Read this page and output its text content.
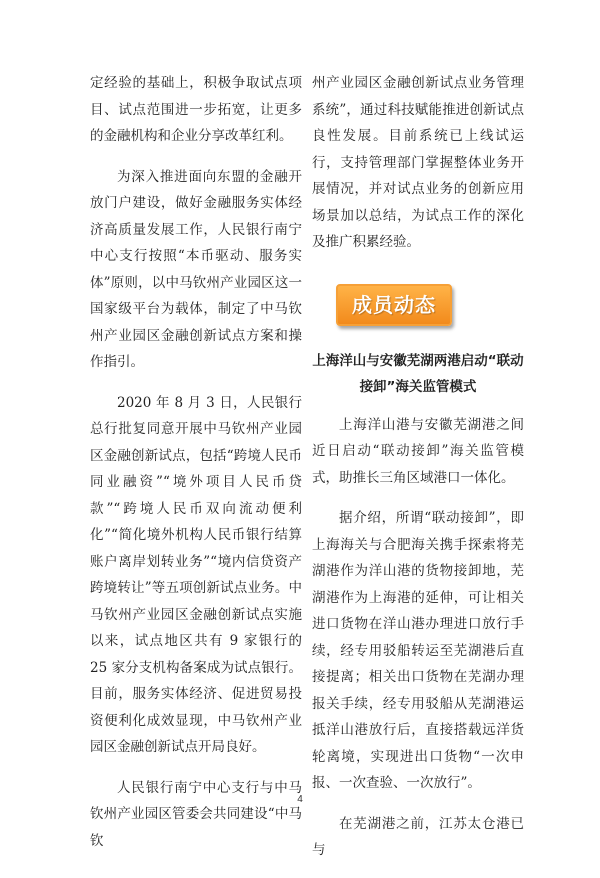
定经验的基础上，积极争取试点项目、试点范围进一步拓宽，让更多的金融机构和企业分享改革红利。

为深入推进面向东盟的金融开放门户建设，做好金融服务实体经济高质量发展工作，人民银行南宁中心支行按照“本币驱动、服务实体”原则，以中马钦州产业园区这一国家级平台为载体，制定了中马钦州产业园区金融创新试点方案和操作指引。

2020 年 8 月 3 日，人民银行总行批复同意开展中马钦州产业园区金融创新试点，包括“跨境人民币同业融资”“境外项目人民币贷款”“跨境人民币双向流动便利化”“简化境外机构人民币银行结算账户离岸划转业务”“境内信贷资产跨境转让”等五项创新试点业务。中马钦州产业园区金融创新试点实施以来，试点地区共有 9 家银行的 25 家分支机构备案成为试点银行。目前，服务实体经济、促进贸易投资便利化成效显现，中马钦州产业园区金融创新试点开局良好。

人民银行南宁中心支行与中马钦州产业园区管委会共同建设“中马钦

州产业园区金融创新试点业务管理系统”，通过科技赋能推进创新试点良性发展。目前系统已上线试运行，支持管理部门掌握整体业务开展情况，并对试点业务的创新应用场景加以总结，为试点工作的深化及推广积累经验。

成员动态
上海洋山与安徽芜湖两港启动“联动接卸”海关监管模式

上海洋山港与安徽芜湖港之间近日启动“联动接卸”海关监管模式，助推长三角区域港口一体化。

据介绍，所谓“联动接卸”，即上海海关与合肥海关携手探索将芜湖港作为洋山港的货物接卸地，芜湖港作为上海港的延伸，可让相关进口货物在洋山港办理进口放行手续，经专用驳船转运至芜湖港后直接提离；相关出口货物在芜湖办理报关手续，经专用驳船从芜湖港运抵洋山港放行后，直接搭载远洋货轮离境，实现进出口货物“一次申报、一次查验、一次放行”。

在芜湖港之前，江苏太仓港已与

4
